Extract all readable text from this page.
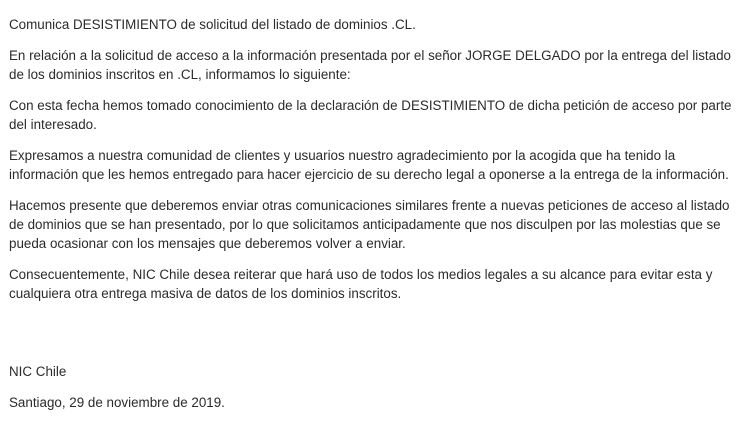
Comunica DESISTIMIENTO de solicitud del listado de dominios .CL.

En relación a la solicitud de acceso a la información presentada por el señor JORGE DELGADO por la entrega del listado de los dominios inscritos en .CL, informamos lo siguiente:

Con esta fecha hemos tomado conocimiento de la declaración de DESISTIMIENTO de dicha petición de acceso por parte del interesado.

Expresamos a nuestra comunidad de clientes y usuarios nuestro agradecimiento por la acogida que ha tenido la información que les hemos entregado para hacer ejercicio de su derecho legal a oponerse a la entrega de la información.

Hacemos presente que deberemos enviar otras comunicaciones similares frente a nuevas peticiones de acceso al listado de dominios que se han presentado, por lo que solicitamos anticipadamente que nos disculpen por las molestias que se pueda ocasionar con los mensajes que deberemos volver a enviar.

Consecuentemente, NIC Chile desea reiterar que hará uso de todos los medios legales a su alcance para evitar esta y cualquiera otra entrega masiva de datos de los dominios inscritos.

NIC Chile

Santiago, 29 de noviembre de 2019.
